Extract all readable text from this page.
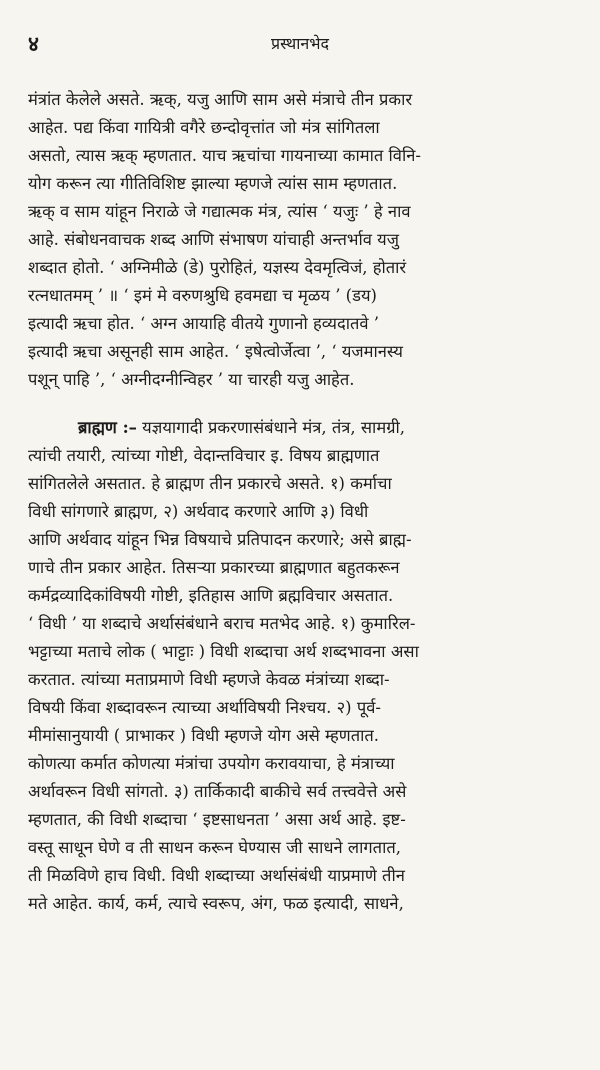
४	प्रस्थानभेद
मंत्रांत केलेले असते. ऋक्, यजु आणि साम असे मंत्राचे तीन प्रकार
आहेत. पद्य किंवा गायित्री वगैरे छन्दोवृत्तांत जो मंत्र सांगितला
असतो, त्यास ऋक् म्हणतात. याच ऋचांचा गायनाच्या कामात विनि-
योग करून त्या गीतिविशिष्ट झाल्या म्हणजे त्यांस साम म्हणतात.
ऋक् व साम यांहून निराळे जे गद्यात्मक मंत्र, त्यांस ‘ यजुः ’ हे नाव
आहे. संबोधनवाचक शब्द आणि संभाषण यांचाही अन्तर्भाव यजु
शब्दात होतो. ‘ अग्निमीळे (डे) पुरोहितं, यज्ञस्य देवमृत्विजं, होतारं
रत्नधातमम् ’ ॥ ‘ इमं मे वरुणश्रुधि हवमद्या च मृळय ’ (डय)
इत्यादी ऋचा होत. ‘ अग्न आयाहि वीतये गुणानो हव्यदातवे ’
इत्यादी ऋचा असूनही साम आहेत. ‘ इषेत्वोर्जेत्वा ’, ‘ यजमानस्य
पशून् पाहि ’, ‘ अग्नीदग्नीन्विहर ’ या चारही यजु आहेत.
ब्राह्मण :– यज्ञयागादी प्रकरणासंबंधाने मंत्र, तंत्र, सामग्री,
त्यांची तयारी, त्यांच्या गोष्टी, वेदान्तविचार इ. विषय ब्राह्मणात
सांगितलेले असतात. हे ब्राह्मण तीन प्रकारचे असते. १) कर्माचा
विधी सांगणारे ब्राह्मण, २) अर्थवाद करणारे आणि ३) विधी
आणि अर्थवाद यांहून भिन्न विषयाचे प्रतिपादन करणारे; असे ब्राह्म-
णाचे तीन प्रकार आहेत. तिसऱ्या प्रकारच्या ब्राह्मणात बहुतकरून
कर्मद्रव्यादिकांविषयी गोष्टी, इतिहास आणि ब्रह्मविचार असतात.
‘ विधी ’ या शब्दाचे अर्थासंबंधाने बराच मतभेद आहे. १) कुमारिल-
भट्टाच्या मताचे लोक ( भाट्टाः ) विधी शब्दाचा अर्थ शब्दभावना असा
करतात. त्यांच्या मताप्रमाणे विधी म्हणजे केवळ मंत्रांच्या शब्दा-
विषयी किंवा शब्दावरून त्याच्या अर्थाविषयी निश्चय. २) पूर्व-
मीमांसानुयायी ( प्राभाकर ) विधी म्हणजे योग असे म्हणतात.
कोणत्या कर्मात कोणत्या मंत्रांचा उपयोग करावयाचा, हे मंत्राच्या
अर्थावरून विधी सांगतो. ३) तार्किकादी बाकीचे सर्व तत्त्ववेत्ते असे
म्हणतात, की विधी शब्दाचा ‘ इष्टसाधनता ’ असा अर्थ आहे. इष्ट-
वस्तू साधून घेणे व ती साधन करून घेण्यास जी साधने लागतात,
ती मिळविणे हाच विधी. विधी शब्दाच्या अर्थासंबंधी याप्रमाणे तीन
मते आहेत. कार्य, कर्म, त्याचे स्वरूप, अंग, फळ इत्यादी, साधने,
